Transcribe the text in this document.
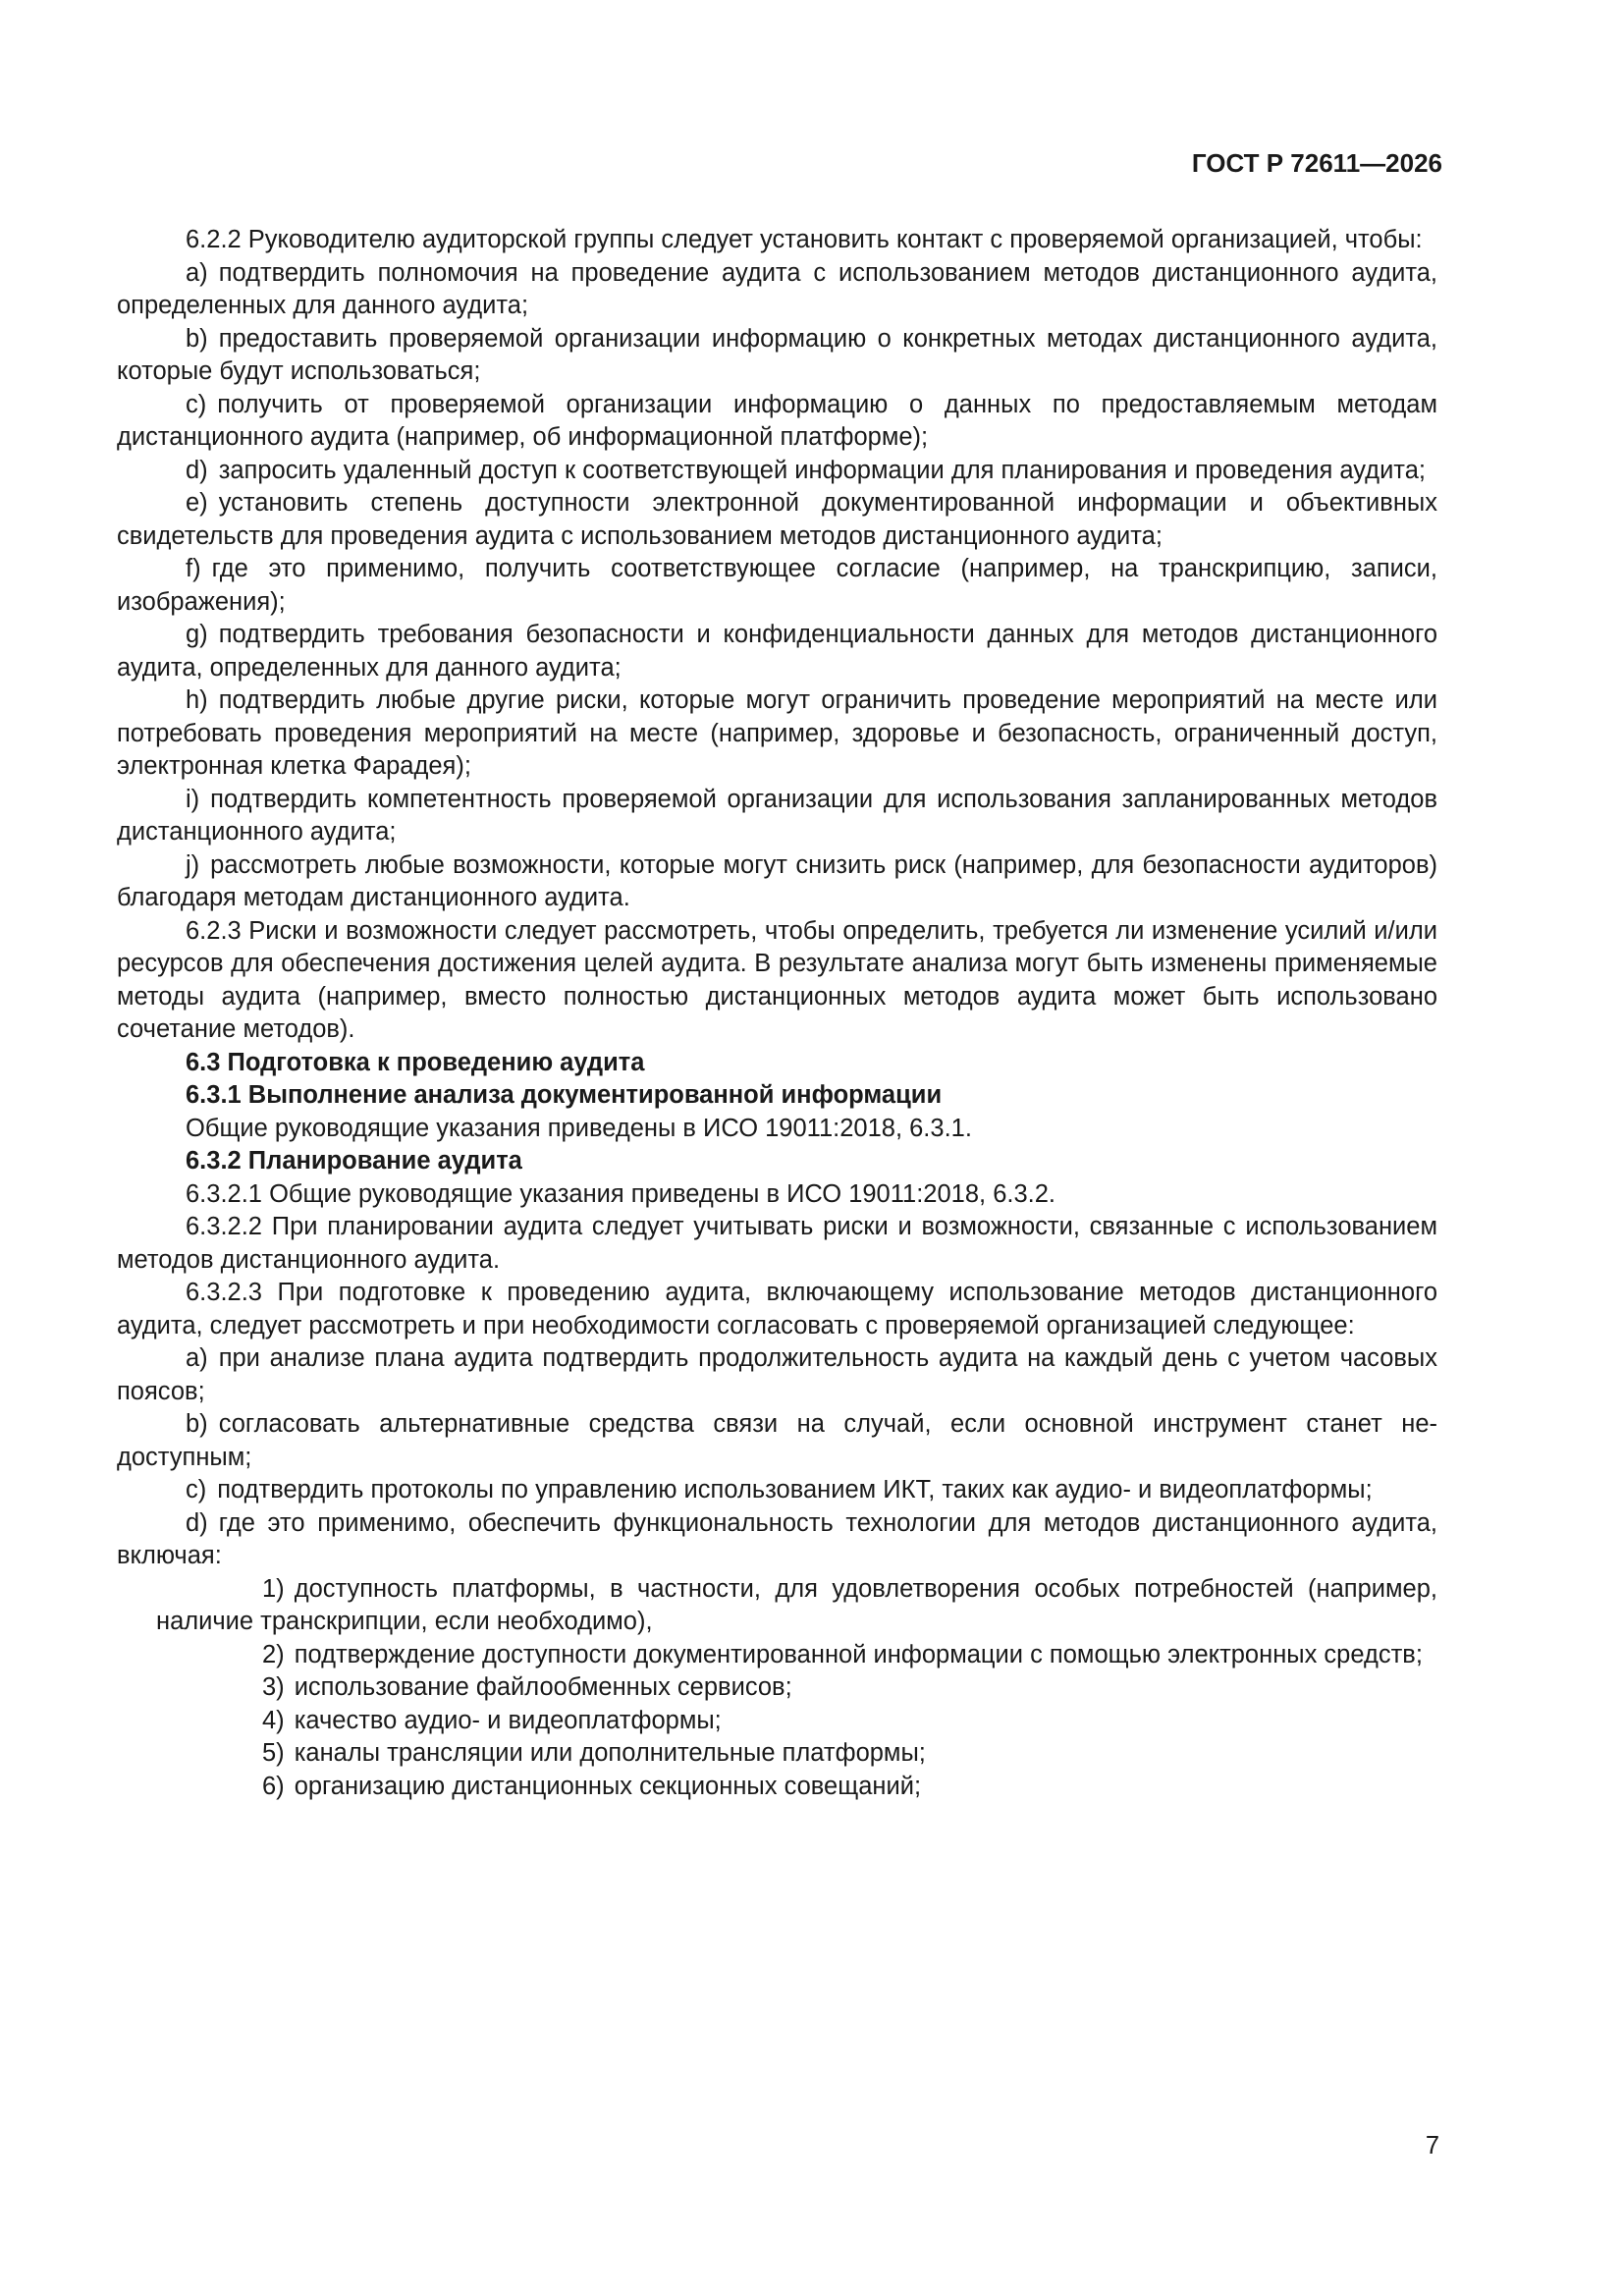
ГОСТ Р 72611—2026

6.2.2 Руководителю аудиторской группы следует установить контакт с проверяемой организацией, чтобы:

a) подтвердить полномочия на проведение аудита с использованием методов дистанционного аудита, определенных для данного аудита;

b) предоставить проверяемой организации информацию о конкретных методах дистанционного аудита, которые будут использоваться;

c) получить от проверяемой организации информацию о данных по предоставляемым методам дистанционного аудита (например, об информационной платформе);

d) запросить удаленный доступ к соответствующей информации для планирования и проведения аудита;

e) установить степень доступности электронной документированной информации и объективных свидетельств для проведения аудита с использованием методов дистанционного аудита;

f) где это применимо, получить соответствующее согласие (например, на транскрипцию, записи, изображения);

g) подтвердить требования безопасности и конфиденциальности данных для методов дистанционного аудита, определенных для данного аудита;

h) подтвердить любые другие риски, которые могут ограничить проведение мероприятий на месте или потребовать проведения мероприятий на месте (например, здоровье и безопасность, ограниченный доступ, электронная клетка Фарадея);

i) подтвердить компетентность проверяемой организации для использования запланированных методов дистанционного аудита;

j) рассмотреть любые возможности, которые могут снизить риск (например, для безопасности аудиторов) благодаря методам дистанционного аудита.

6.2.3 Риски и возможности следует рассмотреть, чтобы определить, требуется ли изменение усилий и/или ресурсов для обеспечения достижения целей аудита. В результате анализа могут быть изменены применяемые методы аудита (например, вместо полностью дистанционных методов аудита может быть использовано сочетание методов).

6.3 Подготовка к проведению аудита

6.3.1 Выполнение анализа документированной информации

Общие руководящие указания приведены в ИСО 19011:2018, 6.3.1.

6.3.2 Планирование аудита

6.3.2.1 Общие руководящие указания приведены в ИСО 19011:2018, 6.3.2.

6.3.2.2 При планировании аудита следует учитывать риски и возможности, связанные с использованием методов дистанционного аудита.

6.3.2.3 При подготовке к проведению аудита, включающему использование методов дистанционного аудита, следует рассмотреть и при необходимости согласовать с проверяемой организацией следующее:

a) при анализе плана аудита подтвердить продолжительность аудита на каждый день с учетом часовых поясов;

b) согласовать альтернативные средства связи на случай, если основной инструмент станет недоступным;

c) подтвердить протоколы по управлению использованием ИКТ, таких как аудио- и видеоплатформы;

d) где это применимо, обеспечить функциональность технологии для методов дистанционного аудита, включая:

1) доступность платформы, в частности, для удовлетворения особых потребностей (например, наличие транскрипции, если необходимо),

2) подтверждение доступности документированной информации с помощью электронных средств;

3) использование файлообменных сервисов;

4) качество аудио- и видеоплатформы;

5) каналы трансляции или дополнительные платформы;

6) организацию дистанционных секционных совещаний;

7
